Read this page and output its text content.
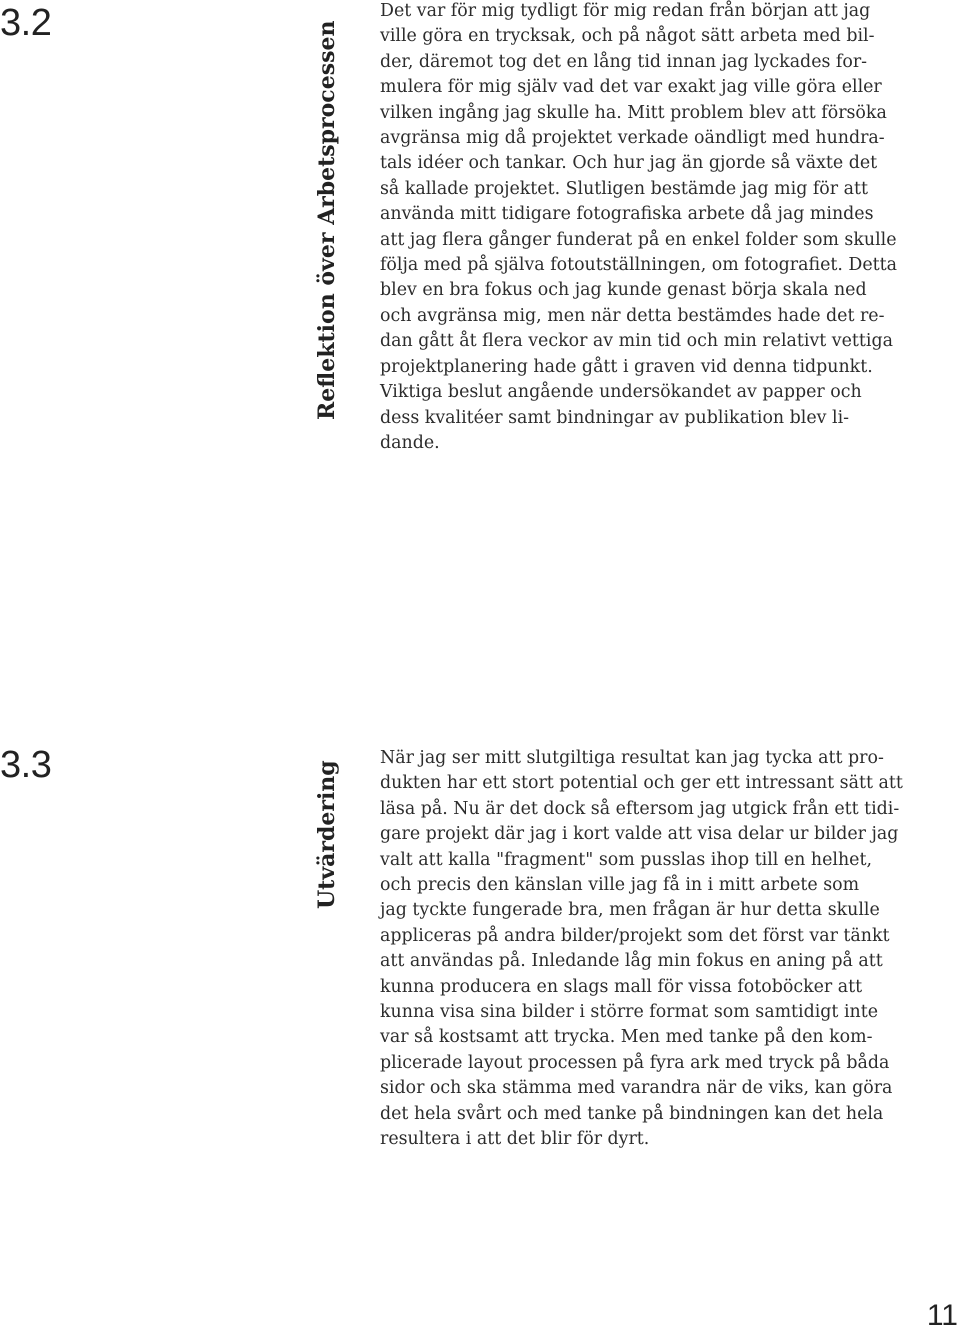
3.2	Reflektion över Arbetsprocessen
Det var för mig tydligt för mig redan från början att jag
ville göra en trycksak, och på något sätt arbeta med bil-
der, däremot tog det en lång tid innan jag lyckades for-
mulera för mig själv vad det var exakt jag ville göra eller
vilken ingång jag skulle ha. Mitt problem blev att försöka
avgränsa mig då projektet verkade oändligt med hundra-
tals idéer och tankar. Och hur jag än gjorde så växte det
så kallade projektet. Slutligen bestämde jag mig för att
använda mitt tidigare fotografiska arbete då jag mindes
att jag flera gånger funderat på en enkel folder som skulle
följa med på själva fotoutställningen, om fotografiet. Detta
blev en bra fokus och jag kunde genast börja skala ned
och avgränsa mig, men när detta bestämdes hade det re-
dan gått åt flera veckor av min tid och min relativt vettiga
projektplanering hade gått i graven vid denna tidpunkt.
Viktiga beslut angående undersökandet av papper och
dess kvalitéer samt bindningar av publikation blev li-
dande.
3.3	Utvärdering
När jag ser mitt slutgiltiga resultat kan jag tycka att pro-
dukten har ett stort potential och ger ett intressant sätt att
läsa på. Nu är det dock så eftersom jag utgick från ett tidi-
gare projekt där jag i kort valde att visa delar ur bilder jag
valt att kalla "fragment" som pusslas ihop till en helhet,
och precis den känslan ville jag få in i mitt arbete som
jag tyckte fungerade bra, men frågan är hur detta skulle
appliceras på andra bilder/projekt som det först var tänkt
att användas på. Inledande låg min fokus en aning på att
kunna producera en slags mall för vissa fotoböcker att
kunna visa sina bilder i större format som samtidigt inte
var så kostsamt att trycka. Men med tanke på den kom-
plicerade layout processen på fyra ark med tryck på båda
sidor och ska stämma med varandra när de viks, kan göra
det hela svårt och med tanke på bindningen kan det hela
resultera i att det blir för dyrt.
11
